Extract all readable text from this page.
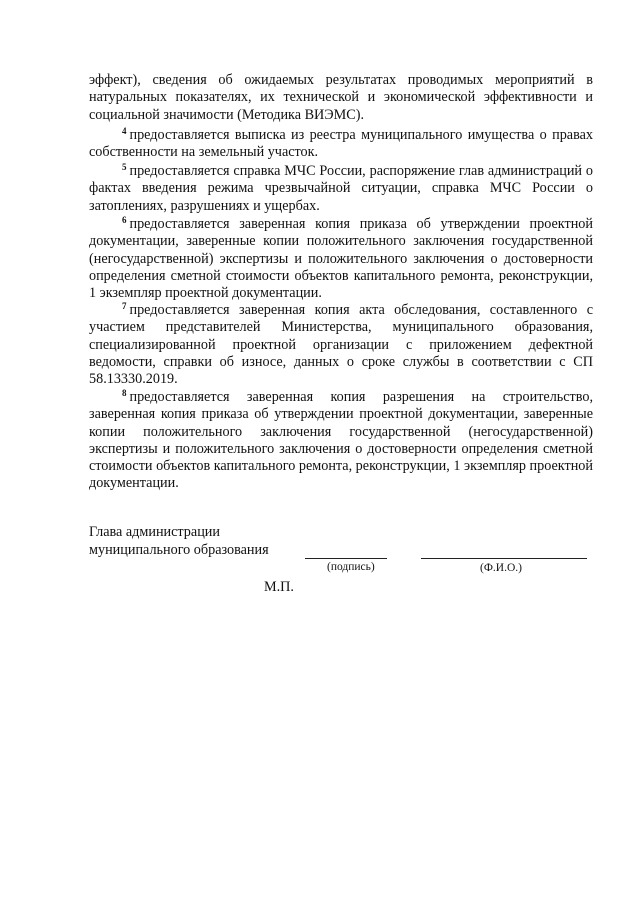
эффект), сведения об ожидаемых результатах проводимых мероприятий в натуральных показателях, их технической и экономической эффективности и социальной значимости (Методика ВИЭМС).

$^4$ предоставляется выписка из реестра муниципального имущества о правах собственности на земельный участок.

$^5$ предоставляется справка МЧС России, распоряжение глав администраций о фактах введения режима чрезвычайной ситуации, справка МЧС России о затоплениях, разрушениях и ущербах.

$^6$ предоставляется заверенная копия приказа об утверждении проектной документации, заверенные копии положительного заключения государственной (негосударственной) экспертизы и положительного заключения о достоверности определения сметной стоимости объектов капитального ремонта, реконструкции, 1 экземпляр проектной документации.

$^7$ предоставляется заверенная копия акта обследования, составленного с участием представителей Министерства, муниципального образования, специализированной проектной организации с приложением дефектной ведомости, справки об износе, данных о сроке службы в соответствии с СП 58.13330.2019.

$^8$ предоставляется заверенная копия разрешения на строительство, заверенная копия приказа об утверждении проектной документации, заверенные копии положительного заключения государственной (негосударственной) экспертизы и положительного заключения о достоверности определения сметной стоимости объектов капитального ремонта, реконструкции, 1 экземпляр проектной документации.

Глава администрации
муниципального образования
(подпись)	(Ф.И.О.)
М.П.
